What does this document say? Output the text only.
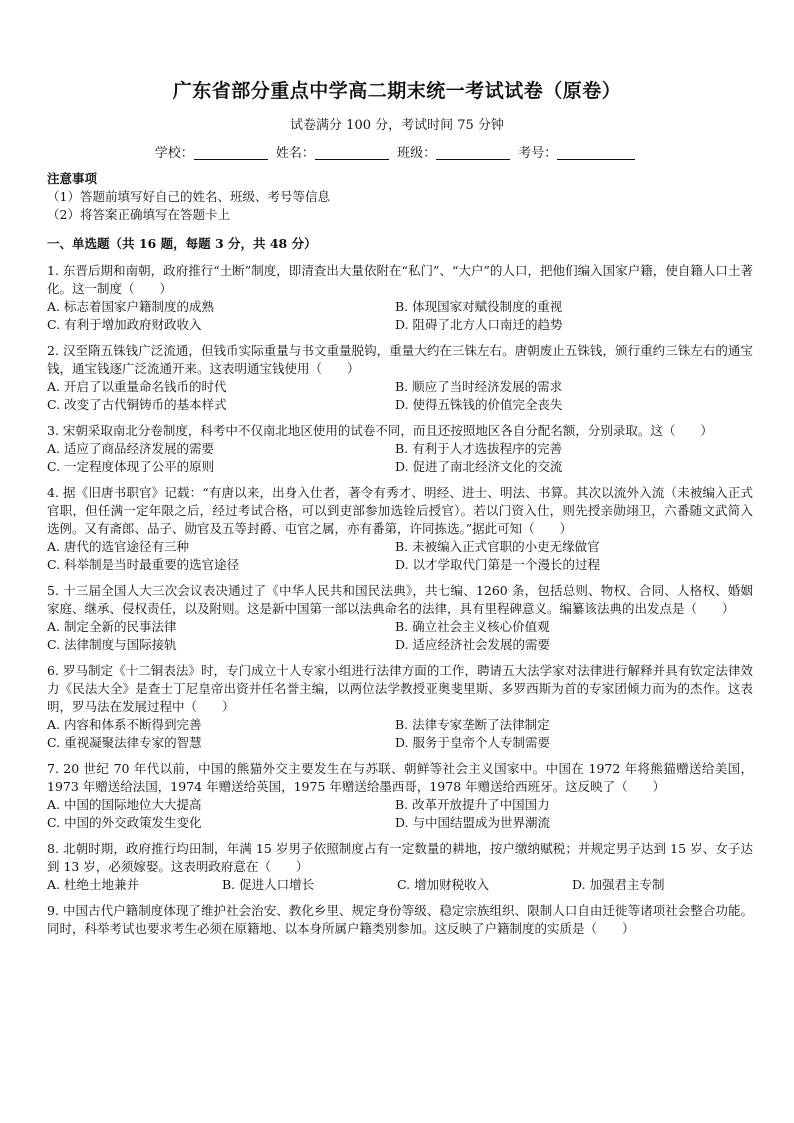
广东省部分重点中学高二期末统一考试试卷（原卷）
试卷满分 100 分，考试时间 75 分钟
学校：	姓名：	班级：	考号：
注意事项
（1）答题前填写好自己的姓名、班级、考号等信息
（2）将答案正确填写在答题卡上
一、单选题（共 16 题，每题 3 分，共 48 分）
1. 东晋后期和南朝，政府推行“土断”制度，即清查出大量依附在“私门”、“大户”的人口，把他们编入国家户籍，使自籍人口土著化。这一制度（　　）
A. 标志着国家户籍制度的成熟	B. 体现国家对赋役制度的重视
C. 有利于增加政府财政收入	D. 阻碍了北方人口南迁的趋势
2. 汉至隋五铢钱广泛流通，但钱币实际重量与书文重量脱钩，重量大约在三铢左右。唐朝废止五铢钱，颁行重约三铢左右的通宝钱，通宝钱逐广泛流通开来。这表明通宝钱使用（　　）
A. 开启了以重量命名钱币的时代	B. 顺应了当时经济发展的需求
C. 改变了古代铜铸币的基本样式	D. 使得五铢钱的价值完全丧失
3. 宋朝采取南北分卷制度，科考中不仅南北地区使用的试卷不同，而且还按照地区各自分配名额，分别录取。这（　　）
A. 适应了商品经济发展的需要	B. 有利于人才选拔程序的完善
C. 一定程度体现了公平的原则	D. 促进了南北经济文化的交流
4. 据《旧唐书职官》记载：“有唐以来，出身入仕者，著令有秀才、明经、进士、明法、书算。其次以流外入流（未被编入正式官职，但任满一定年限之后，经过考试合格，可以到吏部参加选铨后授官）。若以门资入仕，则先授亲勋翊卫，六番随文武简入选例。又有斋郎、品子、勋官及五等封爵、屯官之属，亦有番第，许同拣选。”据此可知（　　）
A. 唐代的选官途径有三种	B. 未被编入正式官职的小吏无缘做官
C. 科举制是当时最重要的选官途径	D. 以才学取代门第是一个漫长的过程
5. 十三届全国人大三次会议表决通过了《中华人民共和国民法典》，共七编、1260 条，包括总则、物权、合同、人格权、婚姻家庭、继承、侵权责任，以及附则。这是新中国第一部以法典命名的法律，具有里程碑意义。编纂该法典的出发点是（　　）
A. 制定全新的民事法律	B. 确立社会主义核心价值观
C. 法律制度与国际接轨	D. 适应经济社会发展的需要
6. 罗马制定《十二铜表法》时，专门成立十人专家小组进行法律方面的工作，聘请五大法学家对法律进行解释并具有钦定法律效力《民法大全》是查士丁尼皇帝出资并任名誉主编，以两位法学教授亚奥斐里斯、多罗西斯为首的专家团倾力而为的杰作。这表明，罗马法在发展过程中（　　）
A. 内容和体系不断得到完善	B. 法律专家垄断了法律制定
C. 重视凝聚法律专家的智慧	D. 服务于皇帝个人专制需要
7. 20 世纪 70 年代以前，中国的熊猫外交主要发生在与苏联、朝鲜等社会主义国家中。中国在 1972 年将熊猫赠送给美国，1973 年赠送给法国，1974 年赠送给英国，1975 年赠送给墨西哥，1978 年赠送给西班牙。这反映了（　　）
A. 中国的国际地位大大提高	B. 改革开放提升了中国国力
C. 中国的外交政策发生变化	D. 与中国结盟成为世界潮流
8. 北朝时期，政府推行均田制，年满 15 岁男子依照制度占有一定数量的耕地，按户缴纳赋税；并规定男子达到 15 岁、女子达到 13 岁，必须嫁娶。这表明政府意在（　　）
A. 杜绝土地兼并	B. 促进人口增长	C. 增加财税收入	D. 加强君主专制
9. 中国古代户籍制度体现了维护社会治安、教化乡里、规定身份等级、稳定宗族组织、限制人口自由迁徙等诸项社会整合功能。同时，科举考试也要求考生必须在原籍地、以本身所属户籍类别参加。这反映了户籍制度的实质是（　　）
